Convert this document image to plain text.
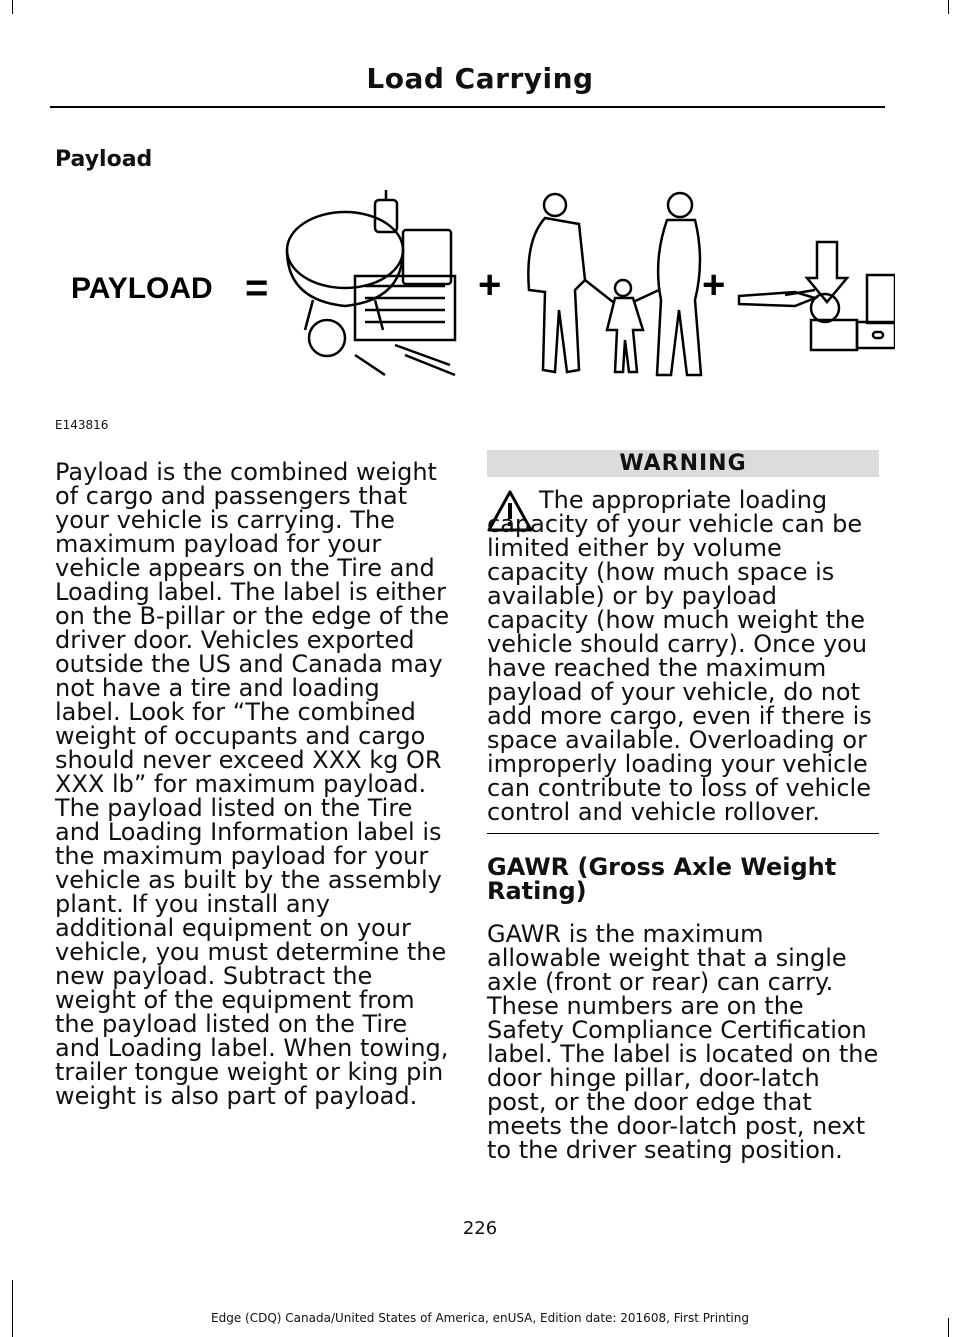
Load Carrying
Payload
PAYLOAD =	+	+
E143816

Payload is the combined weight of cargo and passengers that your vehicle is carrying. The maximum payload for your vehicle appears on the Tire and Loading label. The label is either on the B-pillar or the edge of the driver door. Vehicles exported outside the US and Canada may not have a tire and loading label. Look for “The combined weight of occupants and cargo should never exceed XXX kg OR XXX lb” for maximum payload. The payload listed on the Tire and Loading Information label is the maximum payload for your vehicle as built by the assembly plant. If you install any additional equipment on your vehicle, you must determine the new payload. Subtract the weight of the equipment from the payload listed on the Tire and Loading label. When towing, trailer tongue weight or king pin weight is also part of payload.

WARNING

The appropriate loading capacity of your vehicle can be limited either by volume capacity (how much space is available) or by payload capacity (how much weight the vehicle should carry). Once you have reached the maximum payload of your vehicle, do not add more cargo, even if there is space available. Overloading or improperly loading your vehicle can contribute to loss of vehicle control and vehicle rollover.

GAWR (Gross Axle Weight Rating)

GAWR is the maximum allowable weight that a single axle (front or rear) can carry. These numbers are on the Safety Compliance Certification label. The label is located on the door hinge pillar, door-latch post, or the door edge that meets the door-latch post, next to the driver seating position.

226
Edge (CDQ) Canada/United States of America, enUSA, Edition date: 201608, First Printing
